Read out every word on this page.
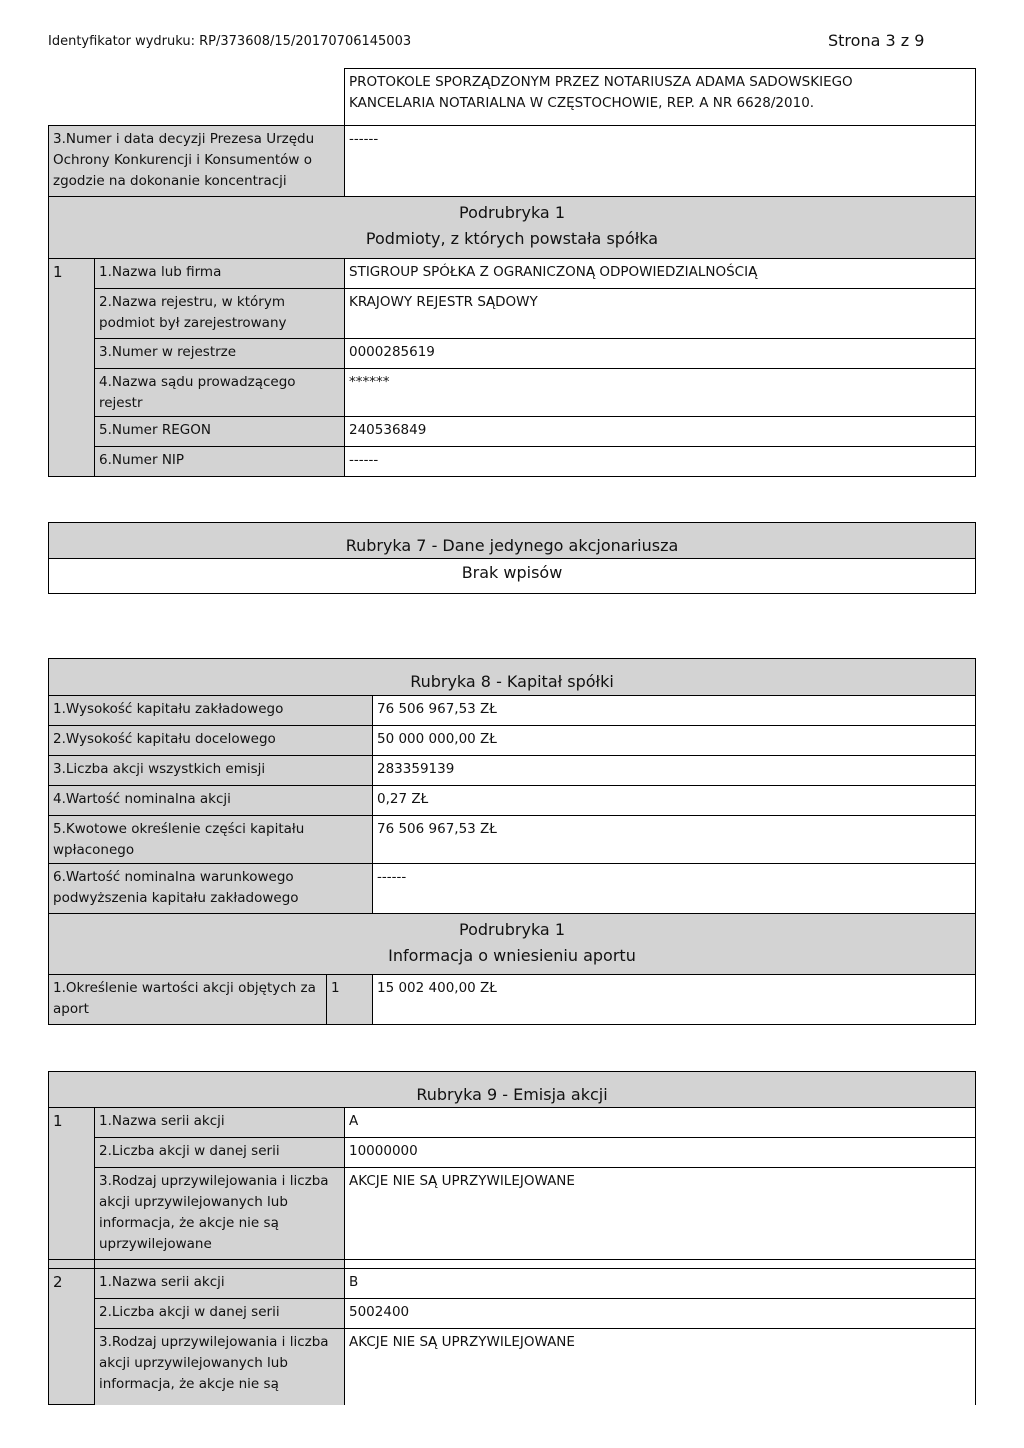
Identyfikator wydruku: RP/373608/15/20170706145003	Strona 3 z 9

		PROTOKOLE SPORZĄDZONYM PRZEZ NOTARIUSZA ADAMA SADOWSKIEGO
KANCELARIA NOTARIALNA W CZĘSTOCHOWIE, REP. A NR 6628/2010.

3.Numer i data decyzji Prezesa Urzędu Ochrony Konkurencji i Konsumentów o zgodzie na dokonanie koncentracji		------

Podrubryka 1
Podmioty, z których powstała spółka		

1	1.Nazwa lub firma	STIGROUP SPÓŁKA Z OGRANICZONĄ ODPOWIEDZIALNOŚCIĄ
	2.Nazwa rejestru, w którym podmiot był zarejestrowany	KRAJOWY REJESTR SĄDOWY
	3.Numer w rejestrze	0000285619
	4.Nazwa sądu prowadzącego rejestr	******
	5.Numer REGON	240536849
	6.Numer NIP	------
Rubryka 7 - Dane jedynego akcjonariusza
Brak wpisów
Rubryka 8 - Kapitał spółki		
1.Wysokość kapitału zakładowego		76 506 967,53 ZŁ
2.Wysokość kapitału docelowego		50 000 000,00 ZŁ
3.Liczba akcji wszystkich emisji		283359139
4.Wartość nominalna akcji		0,27 ZŁ
5.Kwotowe określenie części kapitału wpłaconego		76 506 967,53 ZŁ
6.Wartość nominalna warunkowego podwyższenia kapitału zakładowego		------

Podrubryka 1
Informacja o wniesieniu aportu		

1.Określenie wartości akcji objętych za aport	1	15 002 400,00 ZŁ
Rubryka 9 - Emisja akcji		
1	1.Nazwa serii akcji	A
	2.Liczba akcji w danej serii	10000000
	3.Rodzaj uprzywilejowania i liczba akcji uprzywilejowanych lub informacja, że akcje nie są uprzywilejowane	AKCJE NIE SĄ UPRZYWILEJOWANE

2	1.Nazwa serii akcji	B
	2.Liczba akcji w danej serii	5002400
	3.Rodzaj uprzywilejowania i liczba akcji uprzywilejowanych lub informacja, że akcje nie są	AKCJE NIE SĄ UPRZYWILEJOWANE
